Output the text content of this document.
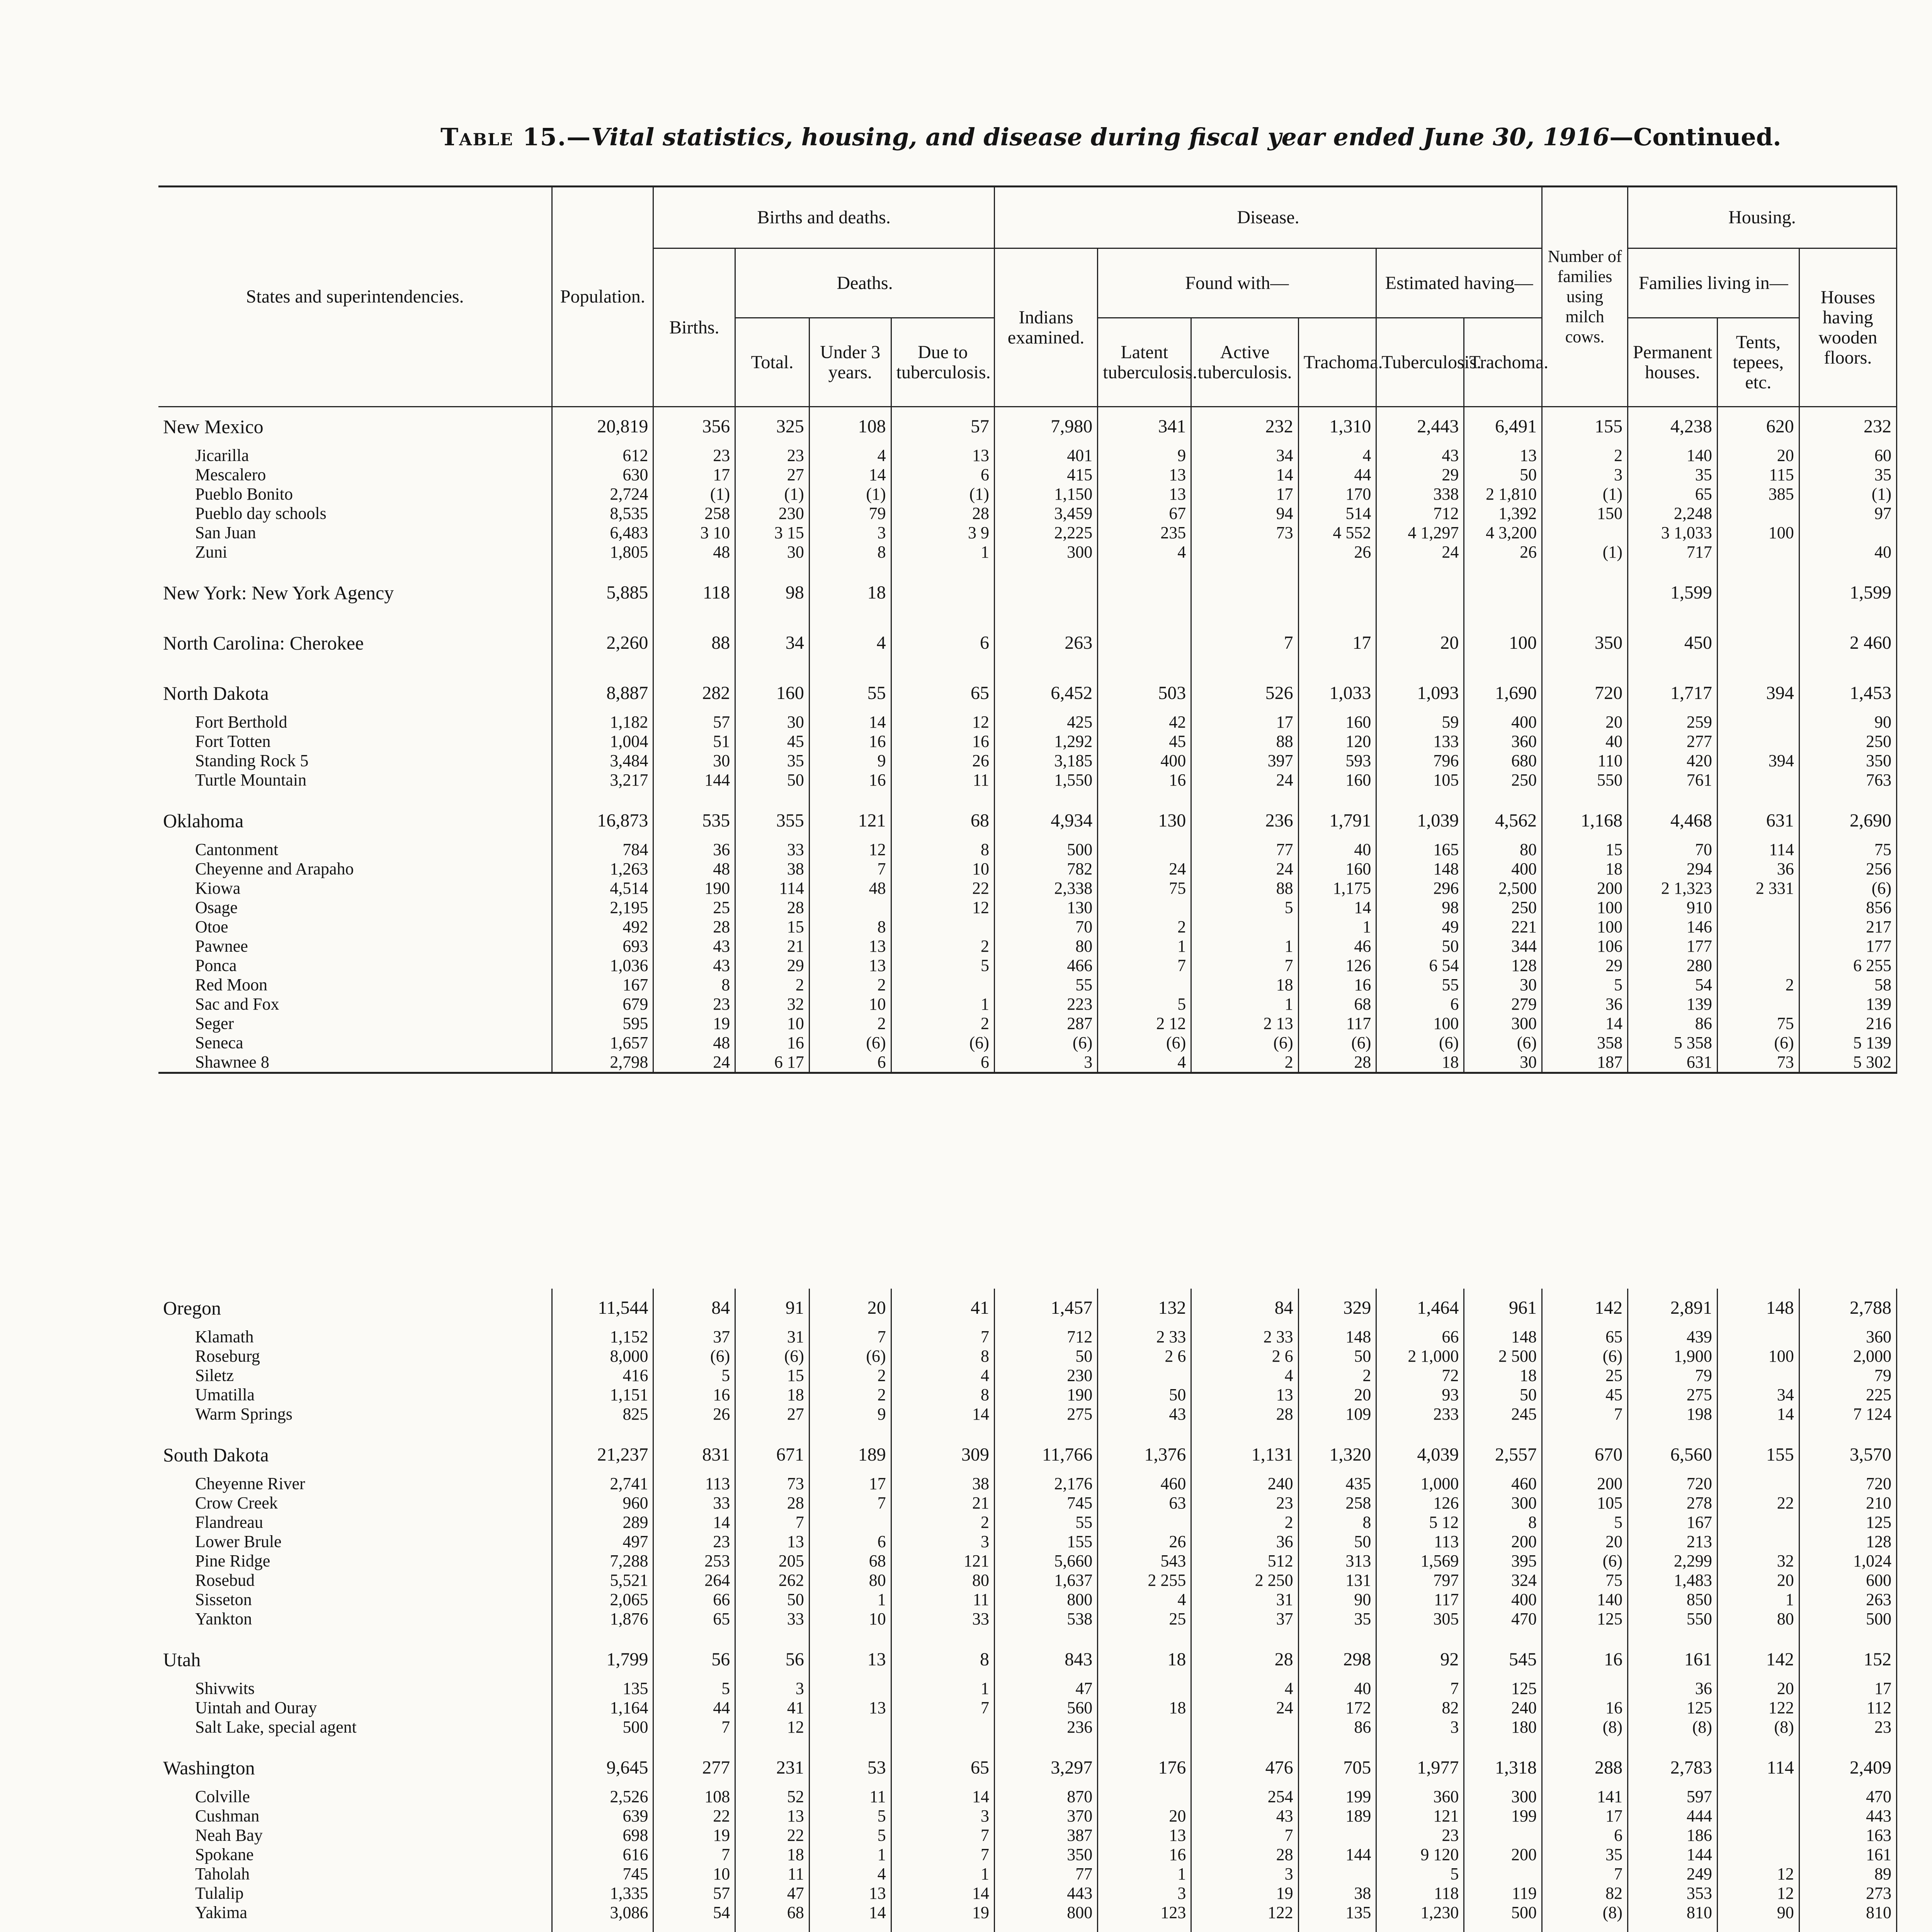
Table 15.—Vital statistics, housing, and disease during fiscal year ended June 30, 1916—Continued.
States and superintendencies.	Population.	Births and deaths.				Disease.						Number of families using milch cows.	Housing.		
		Births.	Deaths.			Indians examined.	Found with—			Estimated having—			Families living in—		Houses having wooden floors.
			Total.	Under 3 years.	Due to tuberculosis.		Latent tuberculosis.	Active tuberculosis.	Trachoma.	Tuberculosis.	Trachoma.		Permanent houses.	Tents, tepees, etc.	
New Mexico	20,819	356	325	108	57	7,980	341	232	1,310	2,443	6,491	155	4,238	620	232
Jicarilla	612	23	23	4	13	401	9	34	4	43	13	2	140	20	60
Mescalero	630	17	27	14	6	415	13	14	44	29	50	3	35	115	35
Pueblo Bonito	2,724	(1)	(1)	(1)	(1)	1,150	13	17	170	338	2 1,810	(1)	65	385	(1)
Pueblo day schools	8,535	258	230	79	28	3,459	67	94	514	712	1,392	150	2,248		97
San Juan	6,483	3 10	3 15	3	3 9	2,225	235	73	4 552	4 1,297	4 3,200		3 1,033	100	
Zuni	1,805	48	30	8	1	300	4		26	24	26	(1)	717		40

New York: New York Agency	5,885	118	98	18									1,599		1,599

North Carolina: Cherokee	2,260	88	34	4	6	263		7	17	20	100	350	450		2 460

North Dakota	8,887	282	160	55	65	6,452	503	526	1,033	1,093	1,690	720	1,717	394	1,453
Fort Berthold	1,182	57	30	14	12	425	42	17	160	59	400	20	259		90
Fort Totten	1,004	51	45	16	16	1,292	45	88	120	133	360	40	277		250
Standing Rock 5	3,484	30	35	9	26	3,185	400	397	593	796	680	110	420	394	350
Turtle Mountain	3,217	144	50	16	11	1,550	16	24	160	105	250	550	761		763

Oklahoma	16,873	535	355	121	68	4,934	130	236	1,791	1,039	4,562	1,168	4,468	631	2,690
Cantonment	784	36	33	12	8	500		77	40	165	80	15	70	114	75
Cheyenne and Arapaho	1,263	48	38	7	10	782	24	24	160	148	400	18	294	36	256
Kiowa	4,514	190	114	48	22	2,338	75	88	1,175	296	2,500	200	2 1,323	2 331	(6)
Osage	2,195	25	28		12	130		5	14	98	250	100	910		856
Otoe	492	28	15	8		70	2		1	49	221	100	146		217
Pawnee	693	43	21	13	2	80	1	1	46	50	344	106	177		177
Ponca	1,036	43	29	13	5	466	7	7	126	6 54	128	29	280		6 255
Red Moon	167	8	2	2		55		18	16	55	30	5	54	2	58
Sac and Fox	679	23	32	10	1	223	5	1	68	6	279	36	139		139
Seger	595	19	10	2	2	287	2 12	2 13	117	100	300	14	86	75	216
Seneca	1,657	48	16	(6)	(6)	(6)	(6)	(6)	(6)	(6)	(6)	358	5 358	(6)	5 139
Shawnee 8	2,798	24	6 17	6	6	3	4	2	28	18	30	187	631	73	5 302
Oregon	11,544	84	91	20	41	1,457	132	84	329	1,464	961	142	2,891	148	2,788
Klamath	1,152	37	31	7	7	712	2 33	2 33	148	66	148	65	439		360
Roseburg	8,000	(6)	(6)	(6)	8	50	2 6	2 6	50	2 1,000	2 500	(6)	1,900	100	2,000
Siletz	416	5	15	2	4	230		4	2	72	18	25	79		79
Umatilla	1,151	16	18	2	8	190	50	13	20	93	50	45	275	34	225
Warm Springs	825	26	27	9	14	275	43	28	109	233	245	7	198	14	7 124

South Dakota	21,237	831	671	189	309	11,766	1,376	1,131	1,320	4,039	2,557	670	6,560	155	3,570
Cheyenne River	2,741	113	73	17	38	2,176	460	240	435	1,000	460	200	720		720
Crow Creek	960	33	28	7	21	745	63	23	258	126	300	105	278	22	210
Flandreau	289	14	7		2	55		2	8	5 12	8	5	167		125
Lower Brule	497	23	13	6	3	155	26	36	50	113	200	20	213		128
Pine Ridge	7,288	253	205	68	121	5,660	543	512	313	1,569	395	(6)	2,299	32	1,024
Rosebud	5,521	264	262	80	80	1,637	2 255	2 250	131	797	324	75	1,483	20	600
Sisseton	2,065	66	50	1	11	800	4	31	90	117	400	140	850	1	263
Yankton	1,876	65	33	10	33	538	25	37	35	305	470	125	550	80	500

Utah	1,799	56	56	13	8	843	18	28	298	92	545	16	161	142	152
Shivwits	135	5	3		1	47		4	40	7	125		36	20	17
Uintah and Ouray	1,164	44	41	13	7	560	18	24	172	82	240	16	125	122	112
Salt Lake, special agent	500	7	12			236			86	3	180	(8)	(8)	(8)	23

Washington	9,645	277	231	53	65	3,297	176	476	705	1,977	1,318	288	2,783	114	2,409
Colville	2,526	108	52	11	14	870		254	199	360	300	141	597		470
Cushman	639	22	13	5	3	370	20	43	189	121	199	17	444		443
Neah Bay	698	19	22	5	7	387	13	7		23		6	186		163
Spokane	616	7	18	1	7	350	16	28	144	9 120	200	35	144		161
Taholah	745	10	11	4	1	77	1	3		5		7	249	12	89
Tulalip	1,335	57	47	13	14	443	3	19	38	118	119	82	353	12	273
Yakima	3,086	54	68	14	19	800	123	122	135	1,230	500	(8)	810	90	810
